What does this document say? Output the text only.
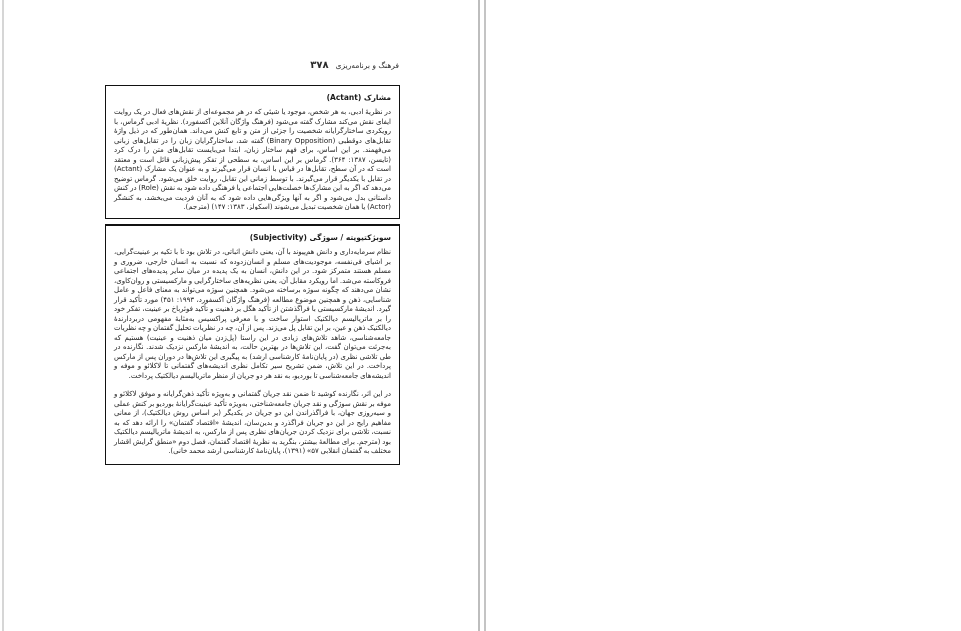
۳۷۸ فرهنگ و برنامه‌ریزی
مشارک (Actant)
در نظریهٔ ادبی، به هر شخص، موجود یا شیئی که در هر مجموعه‌ای از نقش‌های فعال در یک روایت ایفای نقش می‌کند مشارک گفته می‌شود (فرهنگ واژگان آنلاین آکسفورد). نظریهٔ ادبی گرماس، با رویکردی ساختارگرایانه شخصیت را جزئی از متن و تابع کنش می‌داند. همان‌طور که در ذیل واژهٔ تقابل‌های دوقطبی (Binary Opposition) گفته شد، ساختارگرایان زبان را در تقابل‌های زبانی می‌فهمند. بر این اساس، برای فهم ساختار زبان، ابتدا می‌بایست تقابل‌های متن را درک کرد (تایسن، ۱۳۸۷: ۳۶۴). گرماس بر این اساس، به سطحی از تفکر پیش‌زبانی قائل است و معتقد است که در آن سطح، تقابل‌ها در قیاس با انسان قرار می‌گیرند و به عنوان یک مشارک (Actant) در تقابل با یکدیگر قرار می‌گیرند. با توسط زمانی این تقابل، روایت خلق می‌شود. گرماس توضیح می‌دهد که اگر به این مشارک‌ها خصلت‌هایی اجتماعی یا فرهنگی داده شود به نقش (Role) در کنش داستانی بدل می‌شود و اگر به آنها ویژگی‌هایی داده شود که به آنان فردیت می‌بخشد، به کنشگر (Actor) یا همان شخصیت تبدیل می‌شوند (اسکولز، ۱۳۸۳: ۱۴۷) (مترجم).
سوبژکتیویته / سوژگی (Subjectivity)
نظام سرمایه‌داری و دانش هم‌پیوند با آن، یعنی دانش اثباتی، در تلاش بود تا با تکیه بر عینیت‌گرایی، بر اشیای فی‌نفسه، موجودیت‌های مسلم و انسان‌زدوده که نسبت به انسان خارجی، ضروری و مسلم هستند متمرکز شود. در این دانش، انسان به یک پدیده در میان سایر پدیده‌های اجتماعی فروکاسته می‌شد. اما رویکرد مقابل آن، یعنی نظریه‌های ساختارگرایی و مارکسیستی و روان‌کاوی، نشان می‌دهند که چگونه سوژه برساخته می‌شود. همچنین سوژه می‌تواند به معنای فاعل و عامل شناسایی، ذهن و همچنین موضوع مطالعه (فرهنگ واژگان آکسفورد، ۱۹۹۳: ۴۵۱) مورد تأکید قرار گیرد. اندیشهٔ مارکسیستی با فراگذشتن از تأکید هگل بر ذهنیت و تأکید فوئرباخ بر عینیت، تفکر خود را بر ماتریالیسم دیالکتیک استوار ساخت و با معرفی پراکسیس به‌مثابهٔ مفهومی دربردارندهٔ دیالکتیک ذهن و عین، بر این تقابل پل می‌زند. پس از آن، چه در نظریات تحلیل گفتمان و چه نظریات جامعه‌شناسی، شاهد تلاش‌های زیادی در این راستا (پل‌زدن میان ذهنیت و عینیت) هستیم که به‌جرئت می‌توان گفت، این تلاش‌ها در بهترین حالت، به اندیشهٔ مارکس نزدیک شدند. نگارنده در طی تلاشی نظری (در پایان‌نامهٔ کارشناسی ارشد) به پیگیری این تلاش‌ها در دوران پس از مارکس پرداخت. در این تلاش، ضمن تشریح سیر تکامل نظری اندیشه‌های گفتمانی تا لاکلائو و موفه و اندیشه‌های جامعه‌شناسی تا بوردیو، به نقد هر دو جریان از منظر ماتریالیسم دیالکتیک پرداخت.
در این اثر، نگارنده کوشید تا ضمن نقد جریان گفتمانی و به‌ویژه تأکید ذهن‌گرایانه و موفق لاکلائو و موفه بر نقش سوژگی و نقد جریان جامعه‌شناختی، به‌ویژه تأکید عینیت‌گرایانهٔ بوردیو بر کنش عملی و سیه‌روزی جهان، با فراگذراندن این دو جریان در یکدیگر (بر اساس روش دیالکتیک)، از معانی مفاهیم رایج در این دو جریان فراگذرد و بدین‌سان، اندیشهٔ «اقتصاد گفتمان» را ارائه دهد که به نسبت، تلاشی برای نزدیک کردن جریان‌های نظری پس از مارکس، به اندیشهٔ ماتریالیسم دیالکتیک بود (مترجم. برای مطالعهٔ بیشتر، بنگرید به نظریهٔ اقتصاد گفتمان، فصل دوم «منطق گرایش اقشار مختلف به گفتمان انقلابی ۵۷» (۱۳۹۱)، پایان‌نامهٔ کارشناسی ارشد محمد خانی).
